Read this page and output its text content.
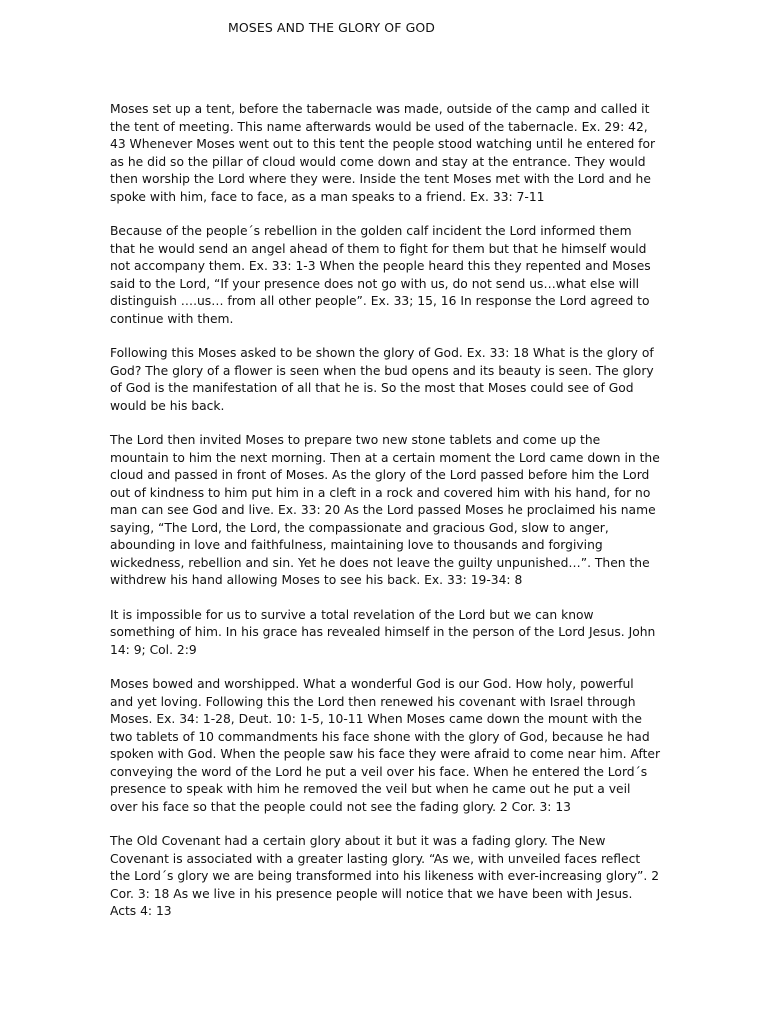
MOSES AND THE GLORY OF GOD

Moses set up a tent, before the tabernacle was made, outside of the camp and called it the tent of meeting. This name afterwards would be used of the tabernacle. Ex. 29: 42, 43 Whenever Moses went out to this tent the people stood watching until he entered for as he did so the pillar of cloud would come down and stay at the entrance. They would then worship the Lord where they were. Inside the tent Moses met with the Lord and he spoke with him, face to face, as a man speaks to a friend. Ex. 33: 7-11

Because of the people´s rebellion in the golden calf incident the Lord informed them that he would send an angel ahead of them to fight for them but that he himself would not accompany them. Ex. 33: 1-3 When the people heard this they repented and Moses said to the Lord, “If your presence does not go with us, do not send us…what else will distinguish ….us… from all other people”. Ex. 33; 15, 16 In response the Lord agreed to continue with them.

Following this Moses asked to be shown the glory of God. Ex. 33: 18 What is the glory of God? The glory of a flower is seen when the bud opens and its beauty is seen. The glory of God is the manifestation of all that he is. So the most that Moses could see of God would be his back.

The Lord then invited Moses to prepare two new stone tablets and come up the mountain to him the next morning. Then at a certain moment the Lord came down in the cloud and passed in front of Moses. As the glory of the Lord passed before him the Lord out of kindness to him put him in a cleft in a rock and covered him with his hand, for no man can see God and live. Ex. 33: 20 As the Lord passed Moses he proclaimed his name saying, “The Lord, the Lord, the compassionate and gracious God, slow to anger, abounding in love and faithfulness, maintaining love to thousands and forgiving wickedness, rebellion and sin. Yet he does not leave the guilty unpunished…”. Then the withdrew his hand allowing Moses to see his back. Ex. 33: 19-34: 8

It is impossible for us to survive a total revelation of the Lord but we can know something of him. In his grace has revealed himself in the person of the Lord Jesus. John 14: 9; Col. 2:9

Moses bowed and worshipped. What a wonderful God is our God. How holy, powerful and yet loving. Following this the Lord then renewed his covenant with Israel through Moses. Ex. 34: 1-28, Deut. 10: 1-5, 10-11 When Moses came down the mount with the two tablets of 10 commandments his face shone with the glory of God, because he had spoken with God. When the people saw his face they were afraid to come near him. After conveying the word of the Lord he put a veil over his face. When he entered the Lord´s presence to speak with him he removed the veil but when he came out he put a veil over his face so that the people could not see the fading glory. 2 Cor. 3: 13

The Old Covenant had a certain glory about it but it was a fading glory. The New Covenant is associated with a greater lasting glory. “As we, with unveiled faces reflect the Lord´s glory we are being transformed into his likeness with ever-increasing glory”. 2 Cor. 3: 18 As we live in his presence people will notice that we have been with Jesus. Acts 4: 13
